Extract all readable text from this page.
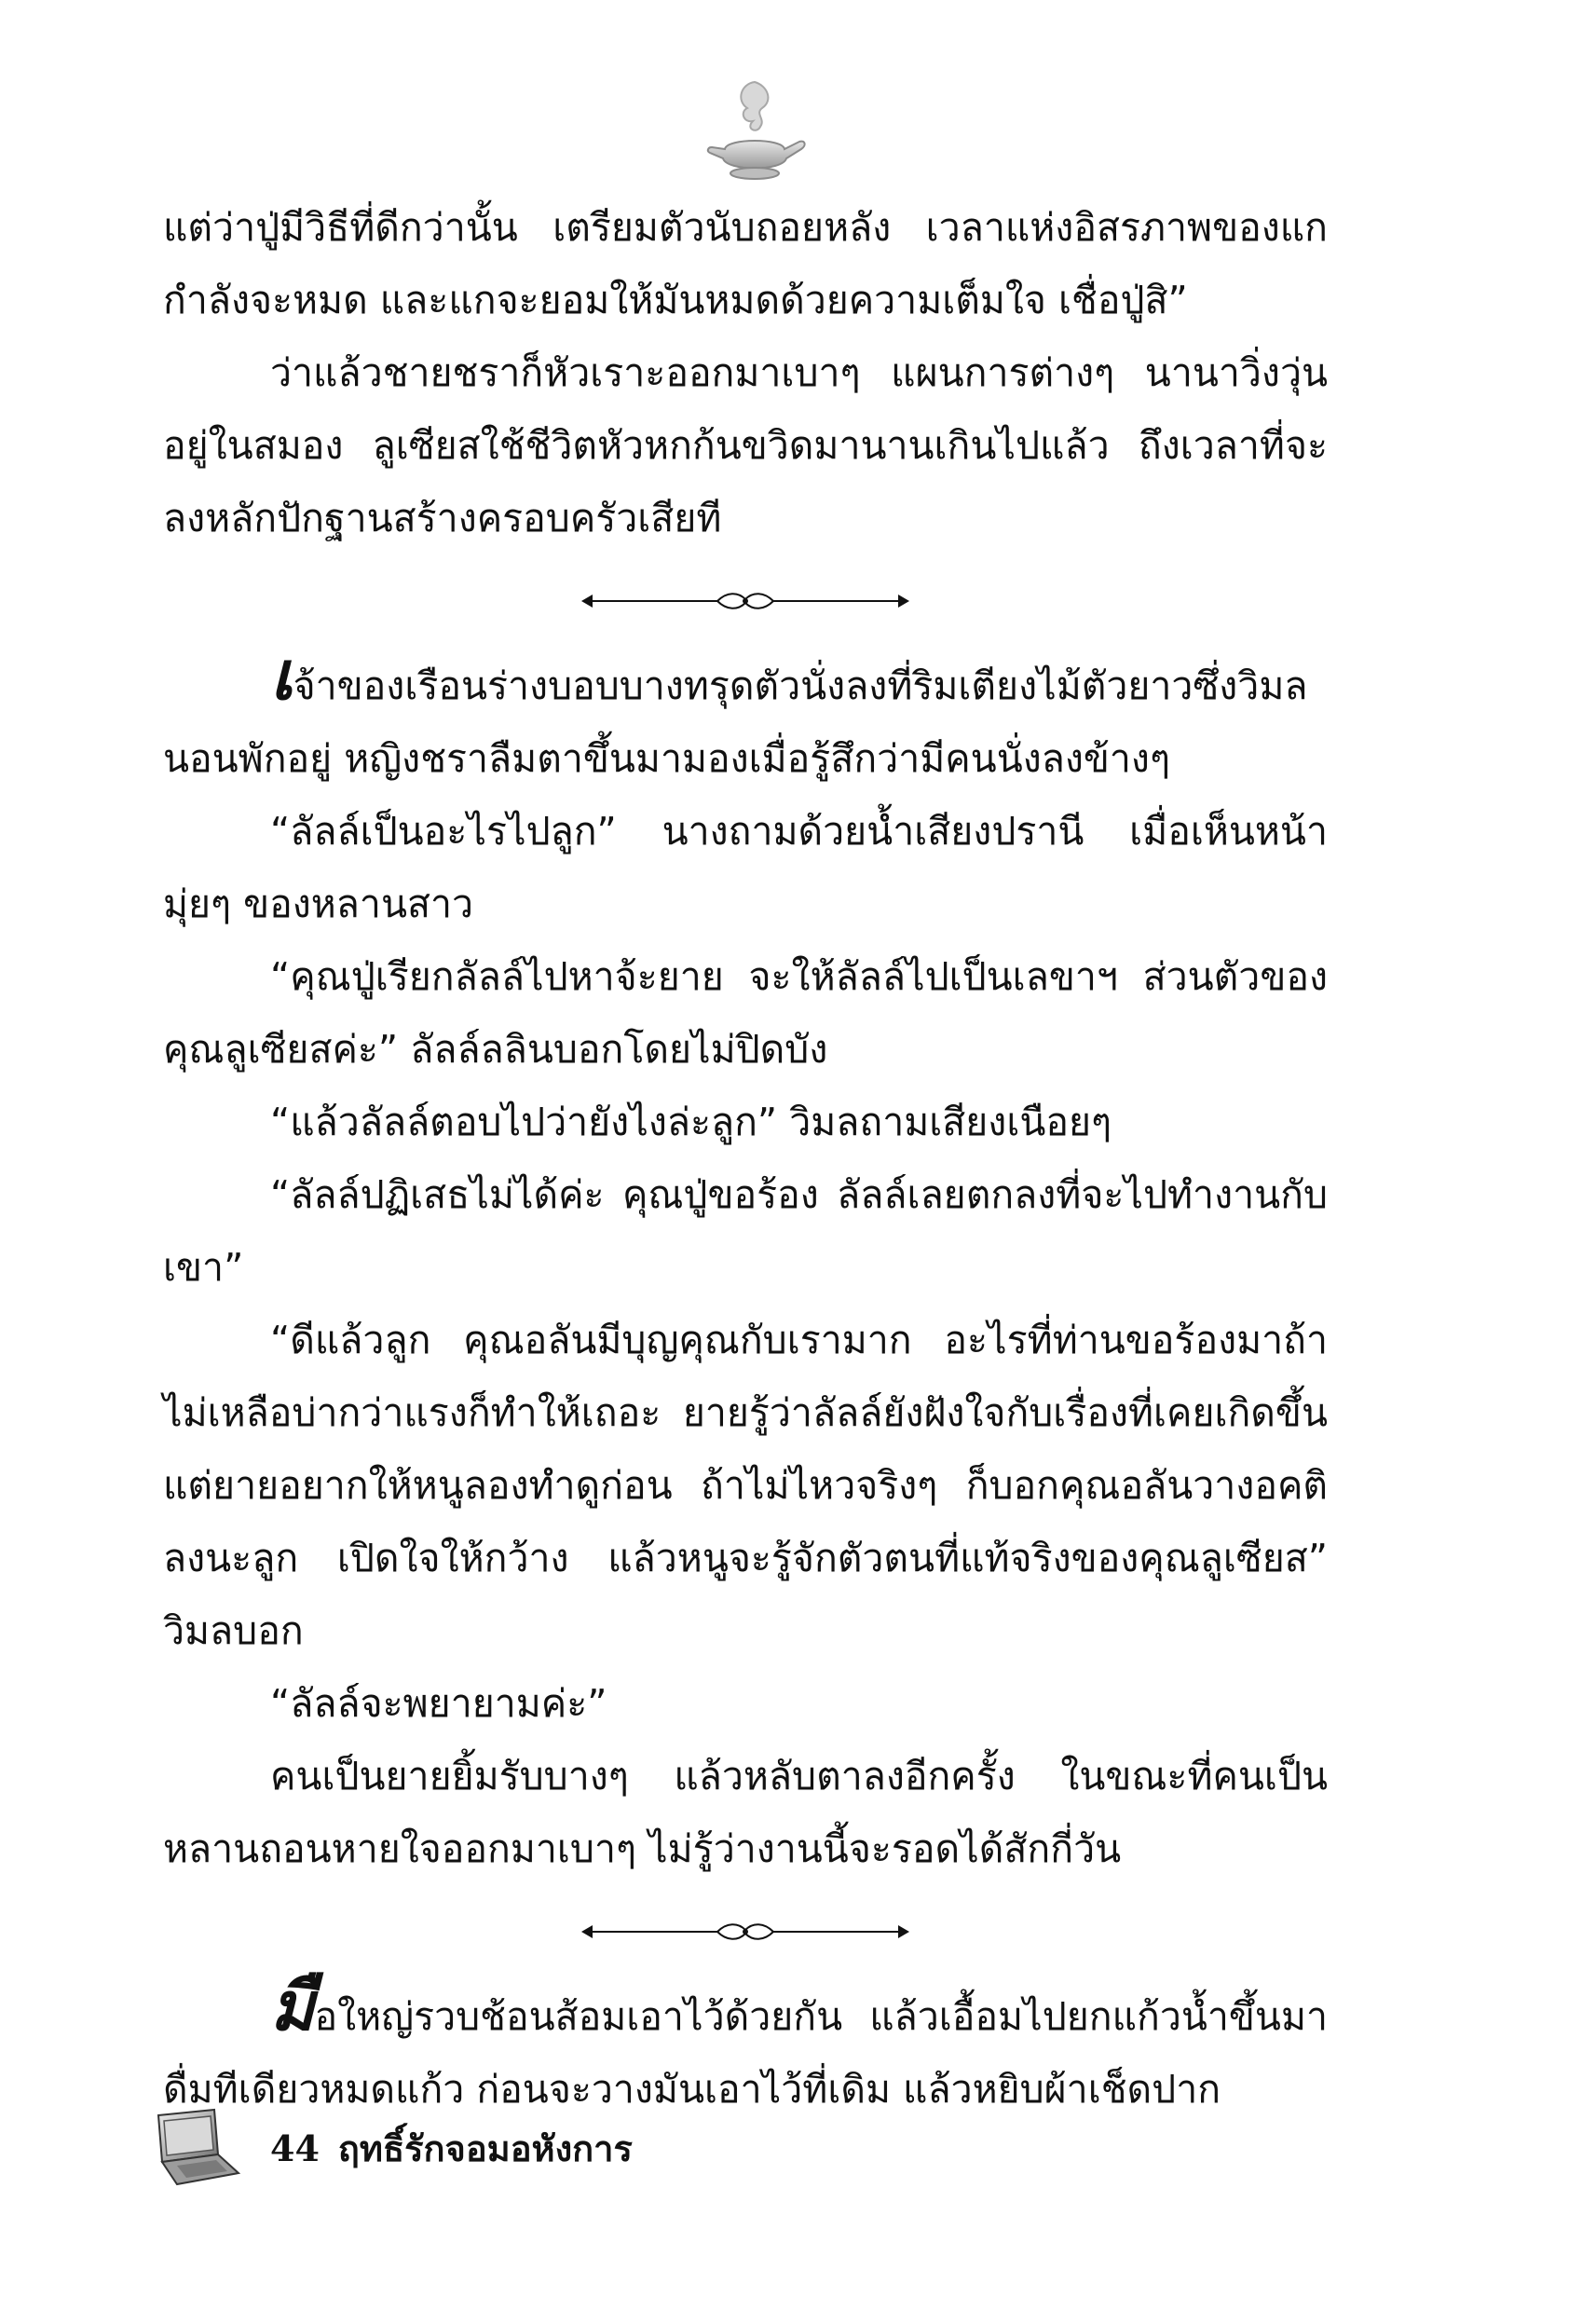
แต่ว่าปู่มีวิธีที่ดีกว่านั้น เตรียมตัวนับถอยหลัง เวลาแห่งอิสรภาพของแก กำลังจะหมด และแกจะยอมให้มันหมดด้วยความเต็มใจ เชื่อปู่สิ”

ว่าแล้วชายชราก็หัวเราะออกมาเบาๆ แผนการต่างๆ นานาวิ่งวุ่นอยู่ในสมอง ลูเซียสใช้ชีวิตหัวหกก้นขวิดมานานเกินไปแล้ว ถึงเวลาที่จะลงหลักปักฐานสร้างครอบครัวเสียที

เจ้าของเรือนร่างบอบบางทรุดตัวนั่งลงที่ริมเตียงไม้ตัวยาวซึ่งวิมลนอนพักอยู่ หญิงชราลืมตาขึ้นมามองเมื่อรู้สึกว่ามีคนนั่งลงข้างๆ

“ลัลล์เป็นอะไรไปลูก” นางถามด้วยน้ำเสียงปรานี เมื่อเห็นหน้ามุ่ยๆ ของหลานสาว

“คุณปู่เรียกลัลล์ไปหาจ้ะยาย จะให้ลัลล์ไปเป็นเลขาฯ ส่วนตัวของคุณลูเซียสค่ะ” ลัลล์ลลินบอกโดยไม่ปิดบัง

“แล้วลัลล์ตอบไปว่ายังไงล่ะลูก” วิมลถามเสียงเนือยๆ

“ลัลล์ปฏิเสธไม่ได้ค่ะ คุณปู่ขอร้อง ลัลล์เลยตกลงที่จะไปทำงานกับเขา”

“ดีแล้วลูก คุณอลันมีบุญคุณกับเรามาก อะไรที่ท่านขอร้องมาถ้าไม่เหลือบ่ากว่าแรงก็ทำให้เถอะ ยายรู้ว่าลัลล์ยังฝังใจกับเรื่องที่เคยเกิดขึ้น แต่ยายอยากให้หนูลองทำดูก่อน ถ้าไม่ไหวจริงๆ ก็บอกคุณอลันวางอคติลงนะลูก เปิดใจให้กว้าง แล้วหนูจะรู้จักตัวตนที่แท้จริงของคุณลูเซียส” วิมลบอก

“ลัลล์จะพยายามค่ะ”

คนเป็นยายยิ้มรับบางๆ แล้วหลับตาลงอีกครั้ง ในขณะที่คนเป็นหลานถอนหายใจออกมาเบาๆ ไม่รู้ว่างานนี้จะรอดได้สักกี่วัน

มือใหญ่รวบช้อนส้อมเอาไว้ด้วยกัน แล้วเอื้อมไปยกแก้วน้ำขึ้นมาดื่มทีเดียวหมดแก้ว ก่อนจะวางมันเอาไว้ที่เดิม แล้วหยิบผ้าเช็ดปาก

44 ฤทธิ์รักจอมอหังการ
